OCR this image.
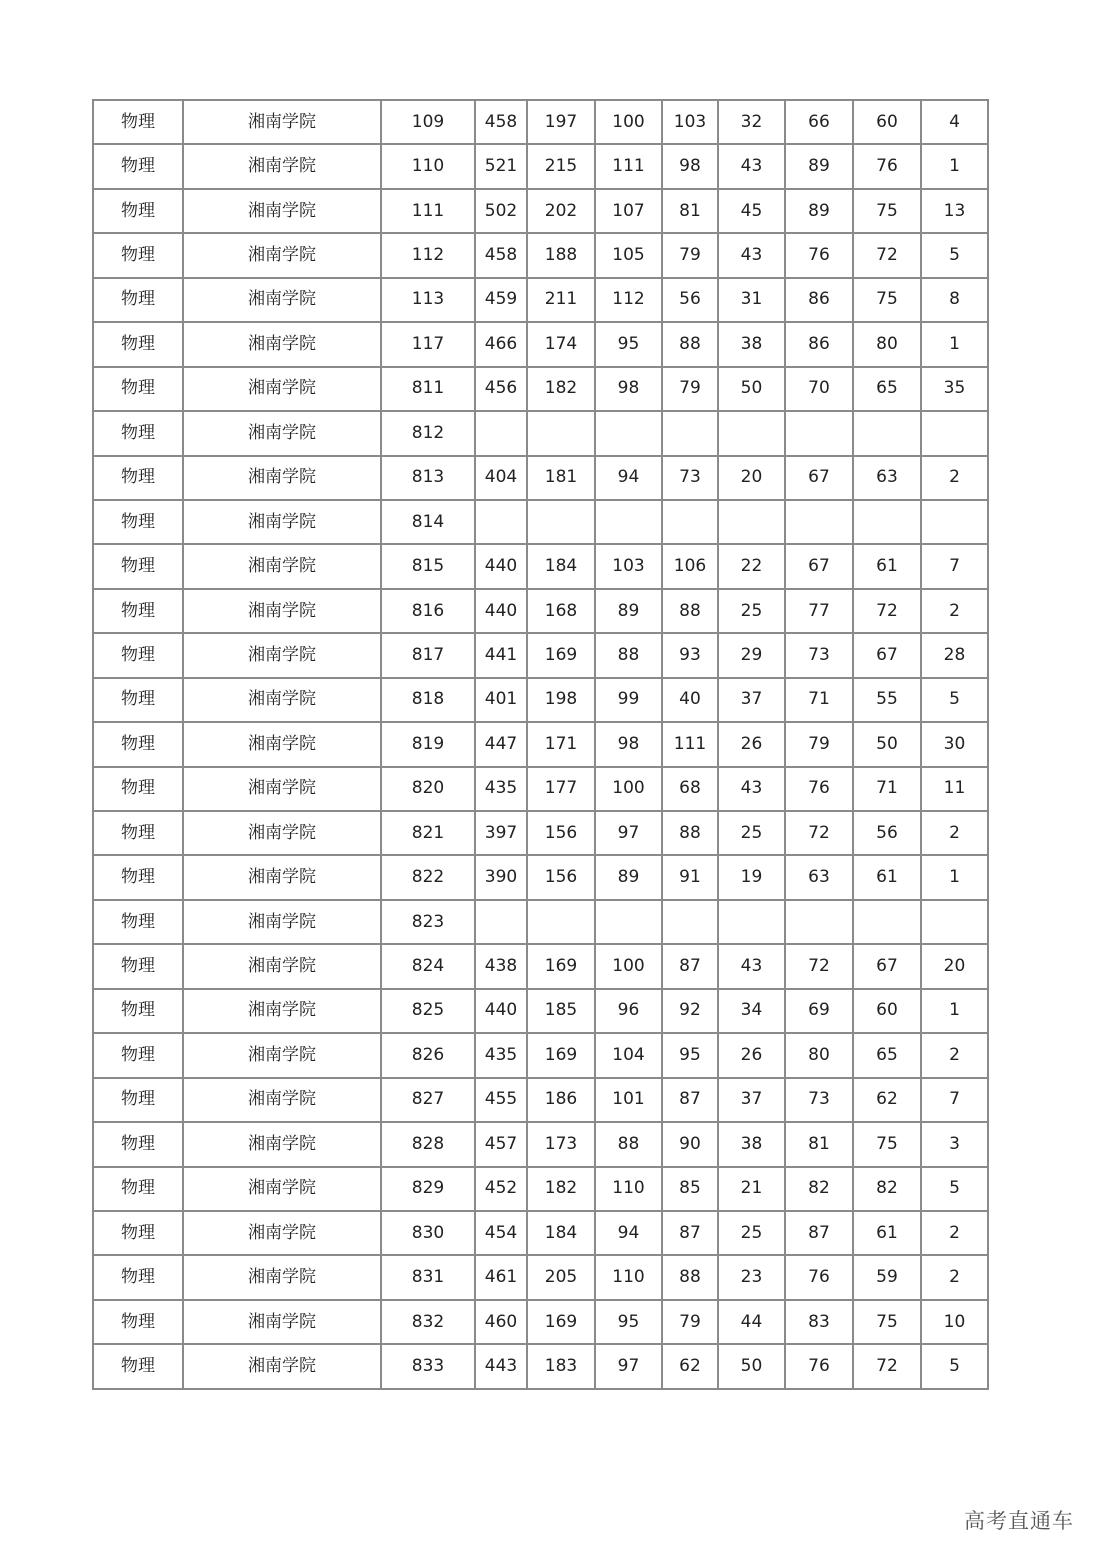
物理	湘南学院	109	458	197	100	103	32	66	60	4
物理	湘南学院	110	521	215	111	98	43	89	76	1
物理	湘南学院	111	502	202	107	81	45	89	75	13
物理	湘南学院	112	458	188	105	79	43	76	72	5
物理	湘南学院	113	459	211	112	56	31	86	75	8
物理	湘南学院	117	466	174	95	88	38	86	80	1
物理	湘南学院	811	456	182	98	79	50	70	65	35
物理	湘南学院	812								
物理	湘南学院	813	404	181	94	73	20	67	63	2
物理	湘南学院	814								
物理	湘南学院	815	440	184	103	106	22	67	61	7
物理	湘南学院	816	440	168	89	88	25	77	72	2
物理	湘南学院	817	441	169	88	93	29	73	67	28
物理	湘南学院	818	401	198	99	40	37	71	55	5
物理	湘南学院	819	447	171	98	111	26	79	50	30
物理	湘南学院	820	435	177	100	68	43	76	71	11
物理	湘南学院	821	397	156	97	88	25	72	56	2
物理	湘南学院	822	390	156	89	91	19	63	61	1
物理	湘南学院	823								
物理	湘南学院	824	438	169	100	87	43	72	67	20
物理	湘南学院	825	440	185	96	92	34	69	60	1
物理	湘南学院	826	435	169	104	95	26	80	65	2
物理	湘南学院	827	455	186	101	87	37	73	62	7
物理	湘南学院	828	457	173	88	90	38	81	75	3
物理	湘南学院	829	452	182	110	85	21	82	82	5
物理	湘南学院	830	454	184	94	87	25	87	61	2
物理	湘南学院	831	461	205	110	88	23	76	59	2
物理	湘南学院	832	460	169	95	79	44	83	75	10
物理	湘南学院	833	443	183	97	62	50	76	72	5
高考直通车
